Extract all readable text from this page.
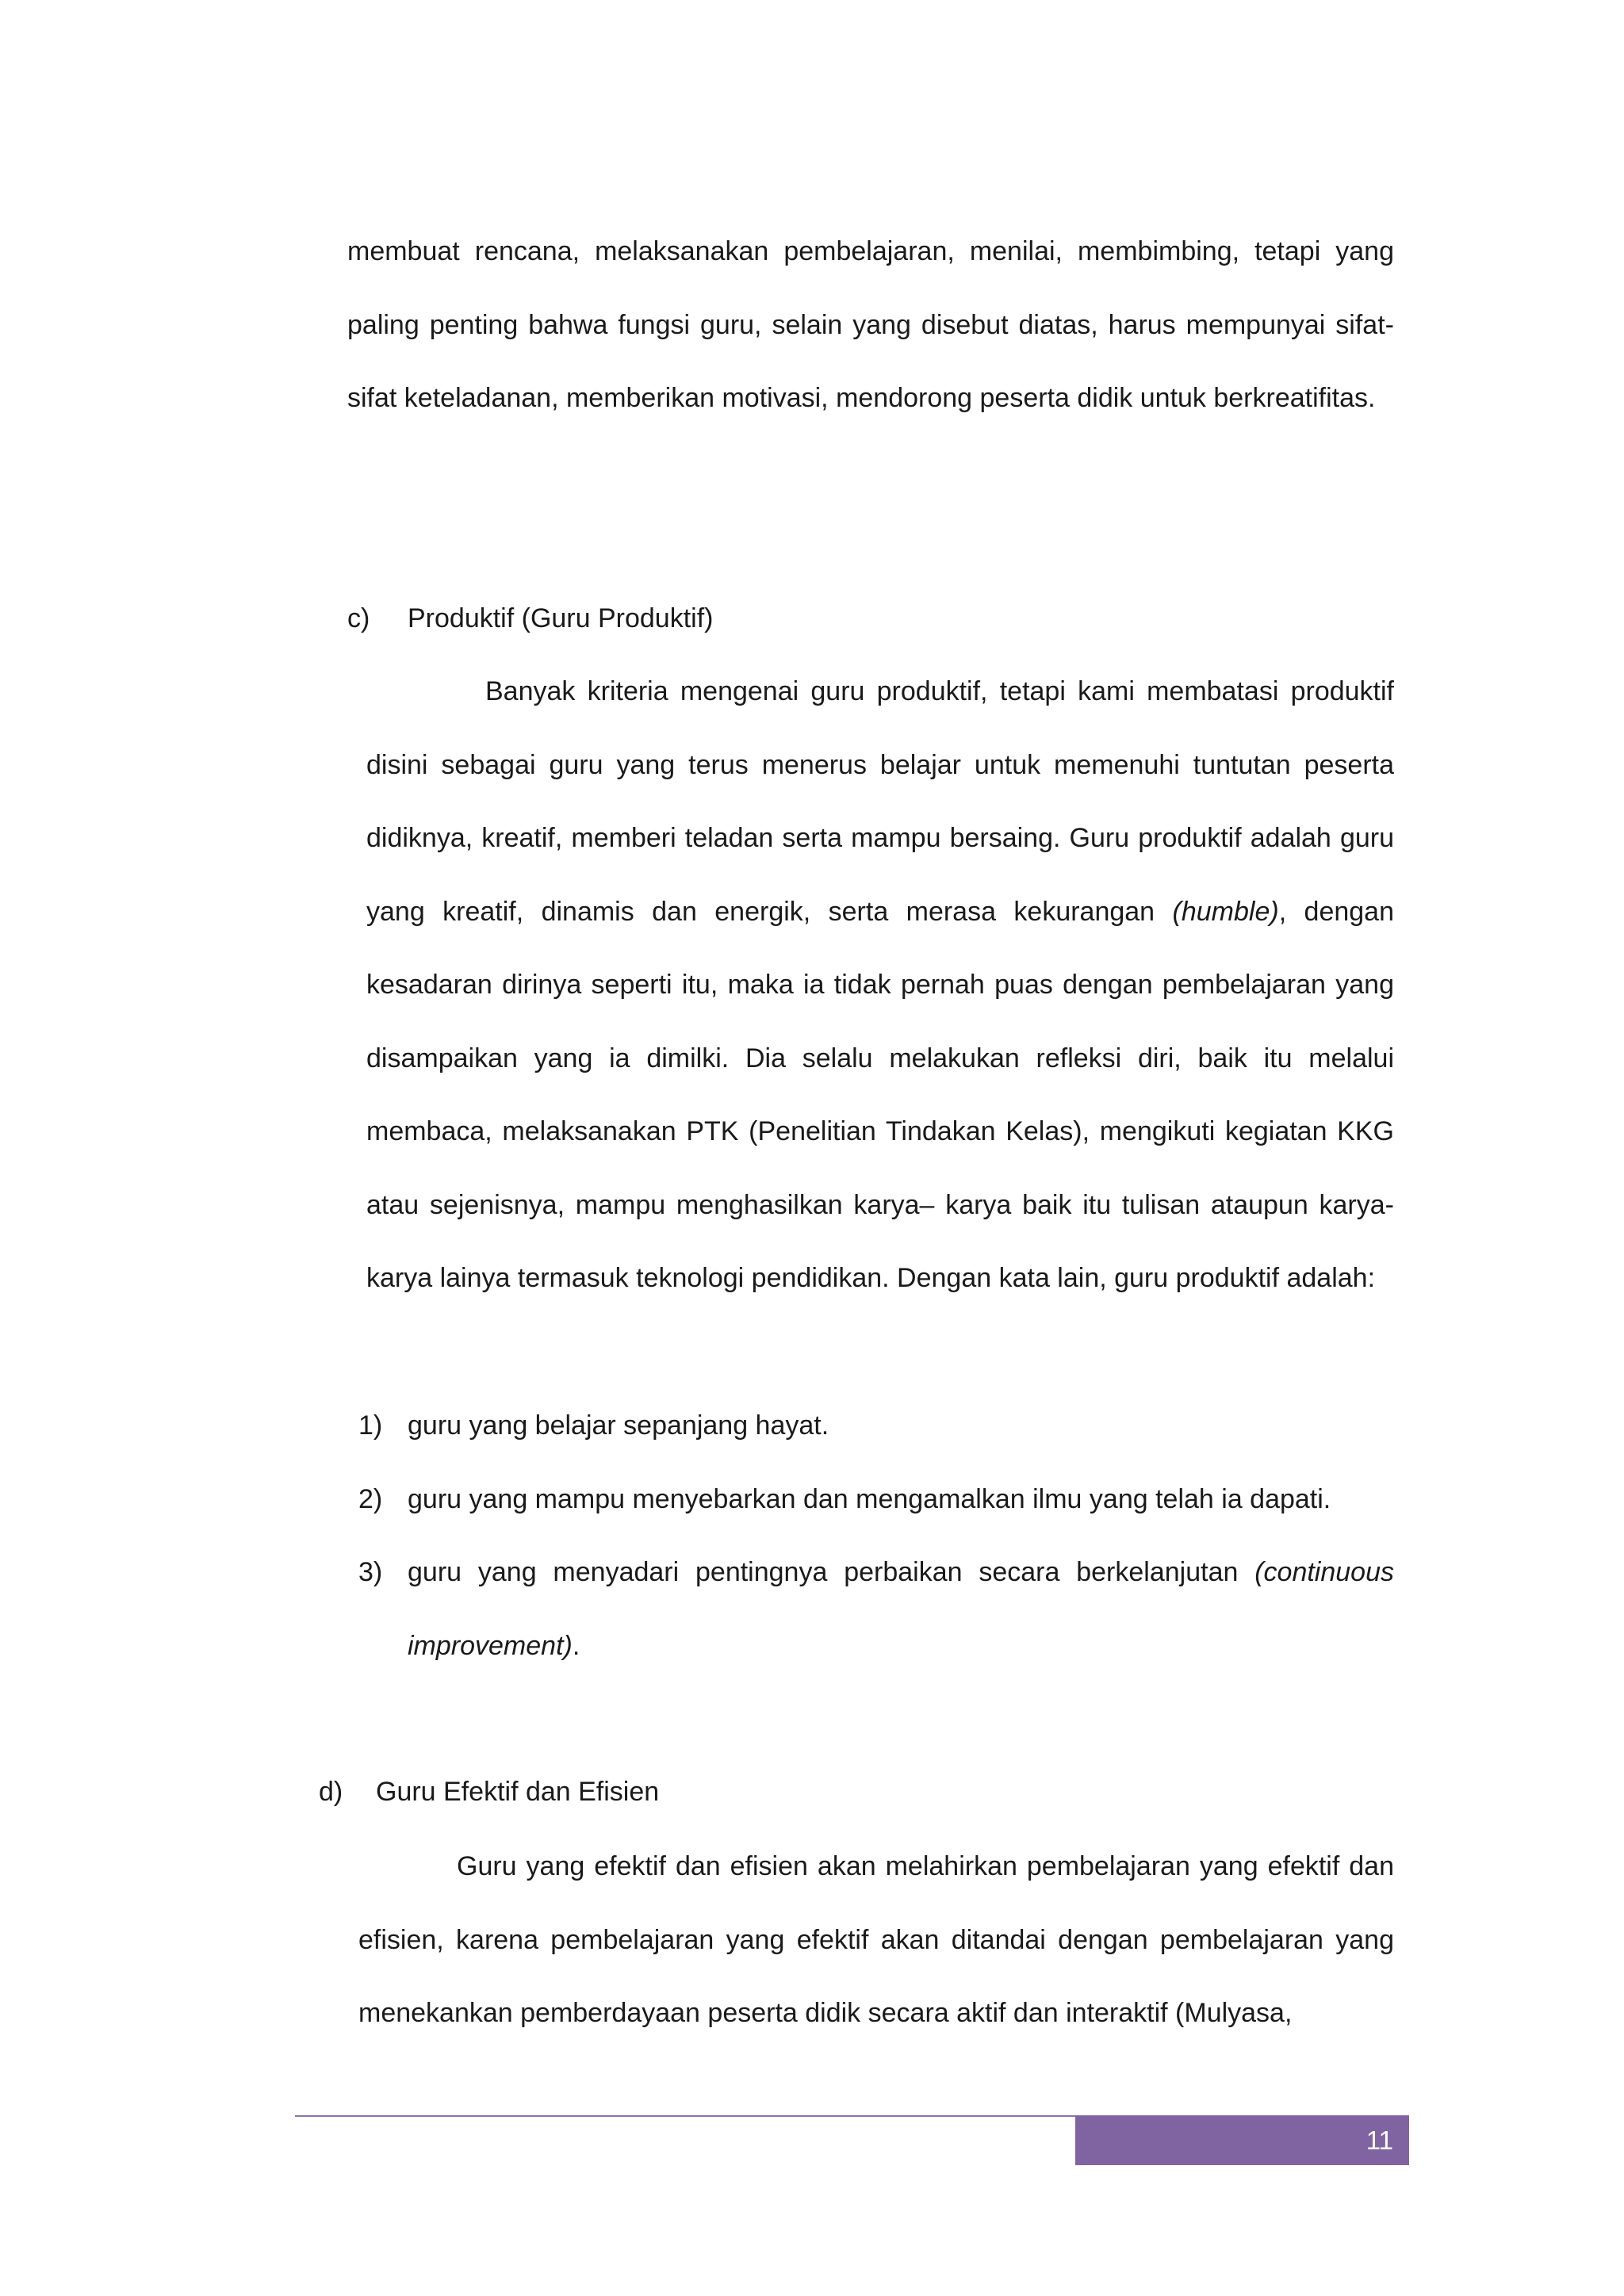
membuat rencana, melaksanakan pembelajaran, menilai, membimbing, tetapi yang paling penting bahwa fungsi guru, selain yang disebut diatas, harus mempunyai sifat-sifat keteladanan, memberikan motivasi, mendorong peserta didik untuk berkreatifitas.

c) Produktif (Guru Produktif)

Banyak kriteria mengenai guru produktif, tetapi kami membatasi produktif disini sebagai guru yang terus menerus belajar untuk memenuhi tuntutan peserta didiknya, kreatif, memberi teladan serta mampu bersaing. Guru produktif adalah guru yang kreatif, dinamis dan energik, serta merasa kekurangan (humble), dengan kesadaran dirinya seperti itu, maka ia tidak pernah puas dengan pembelajaran yang disampaikan yang ia dimilki. Dia selalu melakukan refleksi diri, baik itu melalui membaca, melaksanakan PTK (Penelitian Tindakan Kelas), mengikuti kegiatan KKG atau sejenisnya, mampu menghasilkan karya– karya baik itu tulisan ataupun karya-karya lainya termasuk teknologi pendidikan. Dengan kata lain, guru produktif adalah:

1) guru yang belajar sepanjang hayat.
2) guru yang mampu menyebarkan dan mengamalkan ilmu yang telah ia dapati.
3) guru yang menyadari pentingnya perbaikan secara berkelanjutan (continuous improvement).
d) Guru Efektif dan Efisien

Guru yang efektif dan efisien akan melahirkan pembelajaran yang efektif dan efisien, karena pembelajaran yang efektif akan ditandai dengan pembelajaran yang menekankan pemberdayaan peserta didik secara aktif dan interaktif (Mulyasa,

11
